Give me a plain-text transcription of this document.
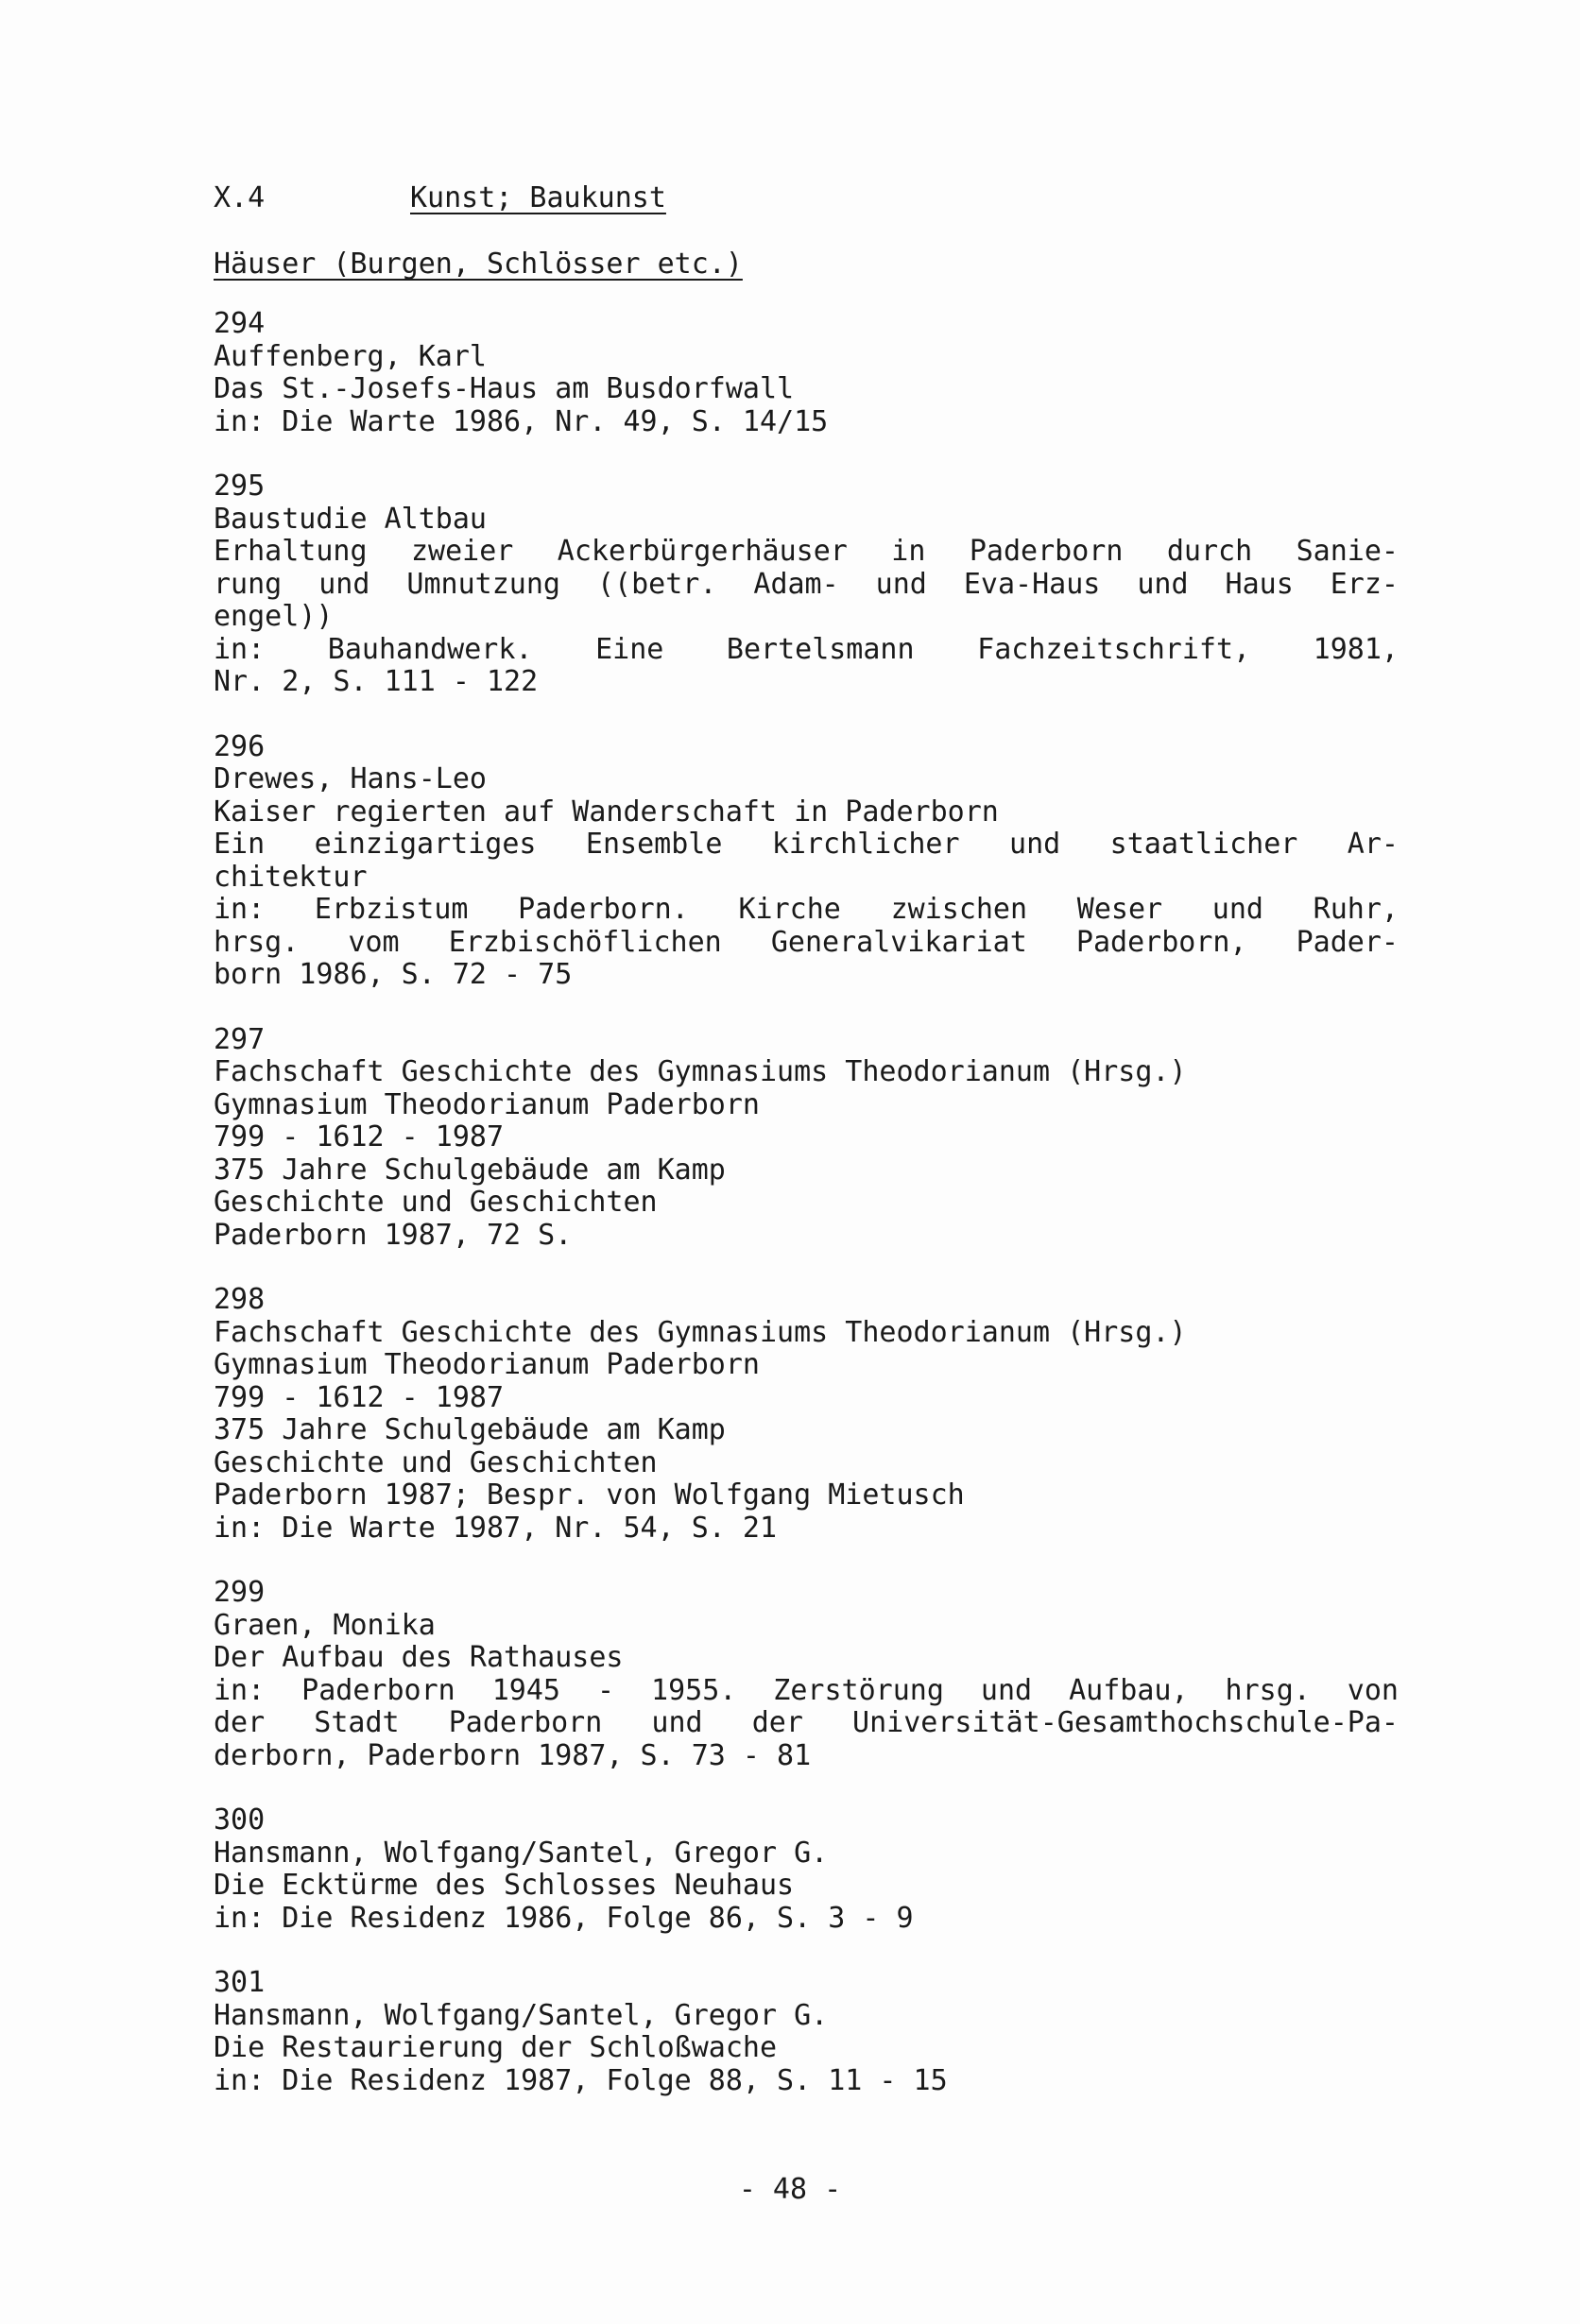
X.4	Kunst; Baukunst
Häuser (Burgen, Schlösser etc.)
294
Auffenberg, Karl
Das St.-Josefs-Haus am Busdorfwall
in: Die Warte 1986, Nr. 49, S. 14/15
295
Baustudie Altbau
Erhaltung zweier Ackerbürgerhäuser in Paderborn durch Sanie-
rung und Umnutzung ((betr. Adam- und Eva-Haus und Haus Erz-
engel))
in: Bauhandwerk. Eine Bertelsmann Fachzeitschrift, 1981,
Nr. 2, S. 111 - 122
296
Drewes, Hans-Leo
Kaiser regierten auf Wanderschaft in Paderborn
Ein einzigartiges Ensemble kirchlicher und staatlicher Ar-
chitektur
in: Erbzistum Paderborn. Kirche zwischen Weser und Ruhr,
hrsg. vom Erzbischöflichen Generalvikariat Paderborn, Pader-
born 1986, S. 72 - 75
297
Fachschaft Geschichte des Gymnasiums Theodorianum (Hrsg.)
Gymnasium Theodorianum Paderborn
799 - 1612 - 1987
375 Jahre Schulgebäude am Kamp
Geschichte und Geschichten
Paderborn 1987, 72 S.
298
Fachschaft Geschichte des Gymnasiums Theodorianum (Hrsg.)
Gymnasium Theodorianum Paderborn
799 - 1612 - 1987
375 Jahre Schulgebäude am Kamp
Geschichte und Geschichten
Paderborn 1987; Bespr. von Wolfgang Mietusch
in: Die Warte 1987, Nr. 54, S. 21
299
Graen, Monika
Der Aufbau des Rathauses
in: Paderborn 1945 - 1955. Zerstörung und Aufbau, hrsg. von
der Stadt Paderborn und der Universität-Gesamthochschule-Pa-
derborn, Paderborn 1987, S. 73 - 81
300
Hansmann, Wolfgang/Santel, Gregor G.
Die Ecktürme des Schlosses Neuhaus
in: Die Residenz 1986, Folge 86, S. 3 - 9
301
Hansmann, Wolfgang/Santel, Gregor G.
Die Restaurierung der Schloßwache
in: Die Residenz 1987, Folge 88, S. 11 - 15
- 48 -
